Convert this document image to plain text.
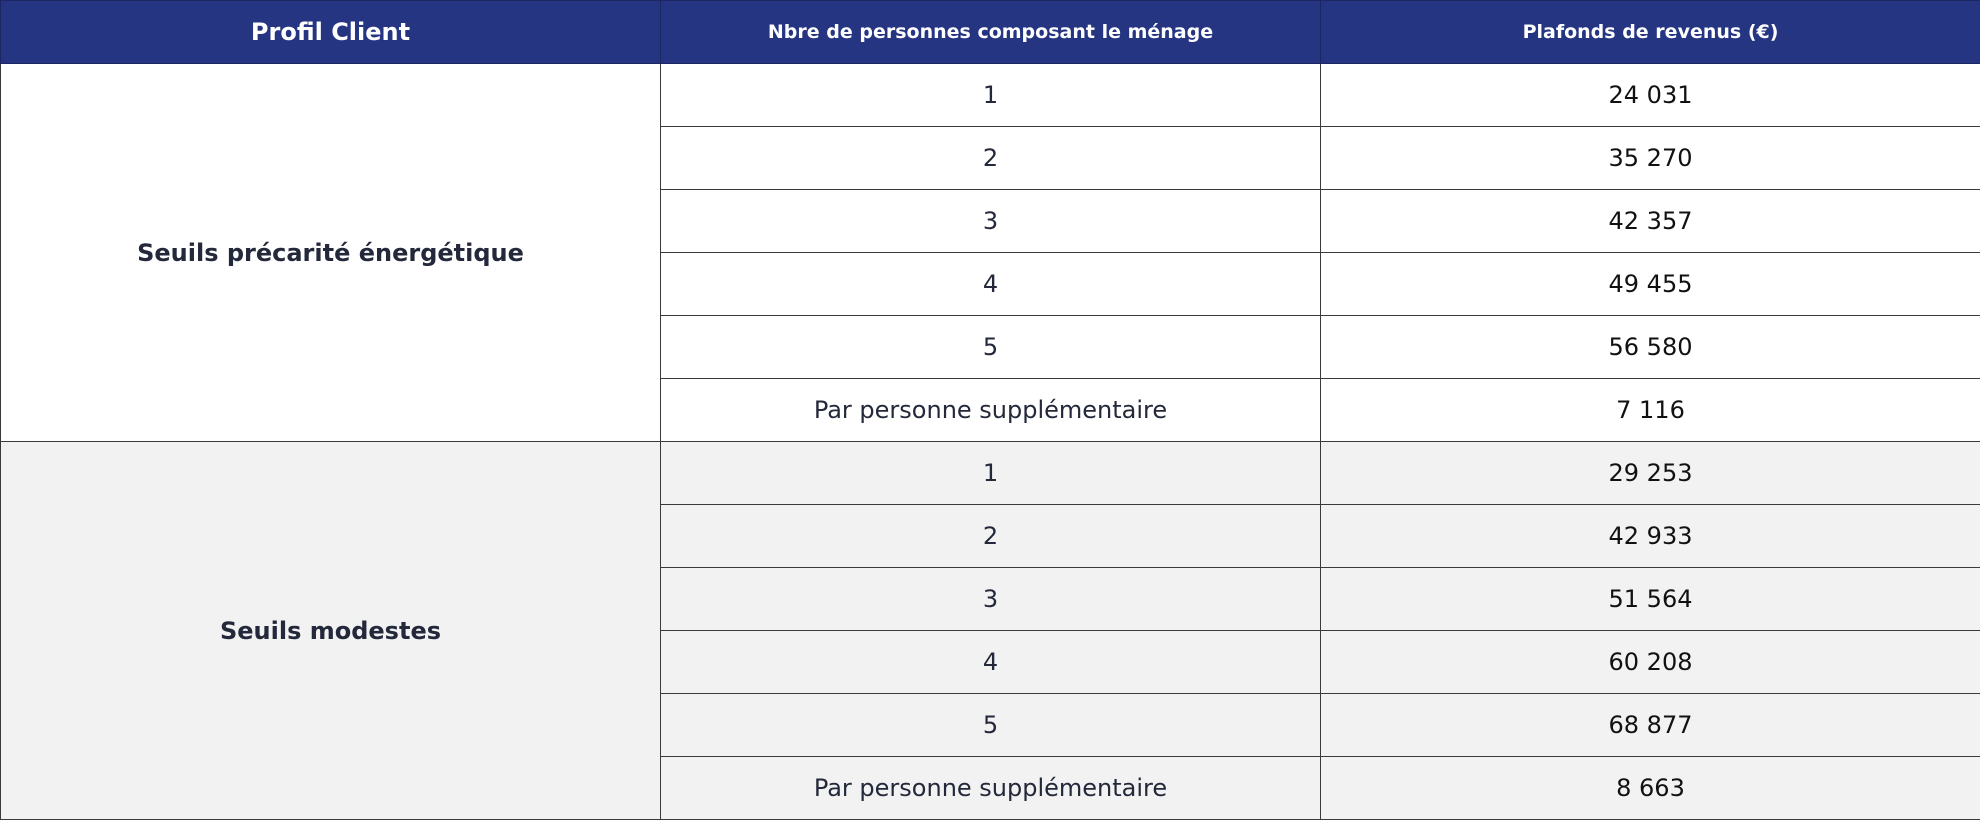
Profil Client	Nbre de personnes composant le ménage	Plafonds de revenus (€)
Seuils précarité énergétique	1	24 031
	2	35 270
	3	42 357
	4	49 455
	5	56 580
	Par personne supplémentaire	7 116
Seuils modestes	1	29 253
	2	42 933
	3	51 564
	4	60 208
	5	68 877
	Par personne supplémentaire	8 663
